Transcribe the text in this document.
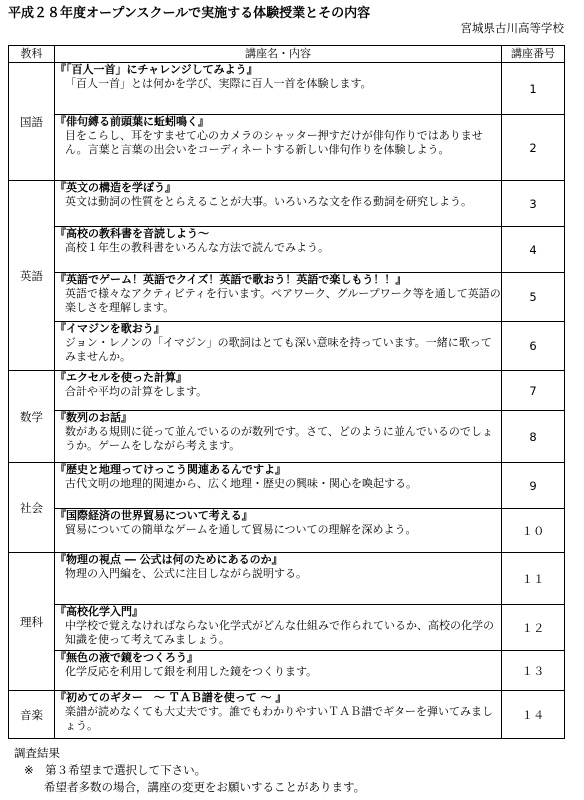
平成２８年度オープンスクールで実施する体験授業とその内容
宮城県古川高等学校
教科	講座名・内容	講座番号
国語	『「百人一首」にチャレンジしてみよう』
「百人一首」とは何かを学び、実際に百人一首を体験します。	1

	『俳句縛る前頭葉に蚯蚓鳴く』
目をこらし、耳をすませて心のカメラのシャッター押すだけが俳句作りではありません。言葉と言葉の出会いをコーディネートする新しい俳句作りを体験しよう。	2
英語	『英文の構造を学ぼう』
英文は動詞の性質をとらえることが大事。いろいろな文を作る動詞を研究しよう。	3

	『高校の教科書を音読しよう～
高校１年生の教科書をいろんな方法で読んでみよう。	4

	『英語でゲーム！英語でクイズ！英語で歌おう！英語で楽しもう！！』
英語で様々なアクティビティを行います。ペアワーク、グループワーク等を通して英語の楽しさを理解します。	5

	『イマジンを歌おう』
ジョン・レノンの「イマジン」の歌詞はとても深い意味を持っています。一緒に歌ってみませんか。	6
数学	『エクセルを使った計算』
合計や平均の計算をします。	7

	『数列のお話』
数がある規則に従って並んでいるのが数列です。さて、どのように並んでいるのでしょうか。ゲームをしながら考えます。	8
社会	『歴史と地理ってけっこう関連あるんですよ』
古代文明の地理的関連から、広く地理・歴史の興味・関心を喚起する。	9

	『国際経済の世界貿易について考える』
貿易についての簡単なゲームを通して貿易についての理解を深めよう。	１０
理科	『物理の視点 ― 公式は何のためにあるのか』
物理の入門編を、公式に注目しながら説明する。	１１

	『高校化学入門』
中学校で覚えなければならない化学式がどんな仕組みで作られているか、高校の化学の知識を使って考えてみましょう。	１２

	『無色の液で鏡をつくろう』
化学反応を利用して銀を利用した鏡をつくります。	１３
音楽	『初めてのギター　～ ＴＡＢ譜を使って ～ 』
楽譜が読めなくても大丈夫です。誰でもわかりやすいＴＡＢ譜でギターを弾いてみましょう。	１４
調査結果
※　第３希望まで選択して下さい。
希望者多数の場合，講座の変更をお願いすることがあります。
